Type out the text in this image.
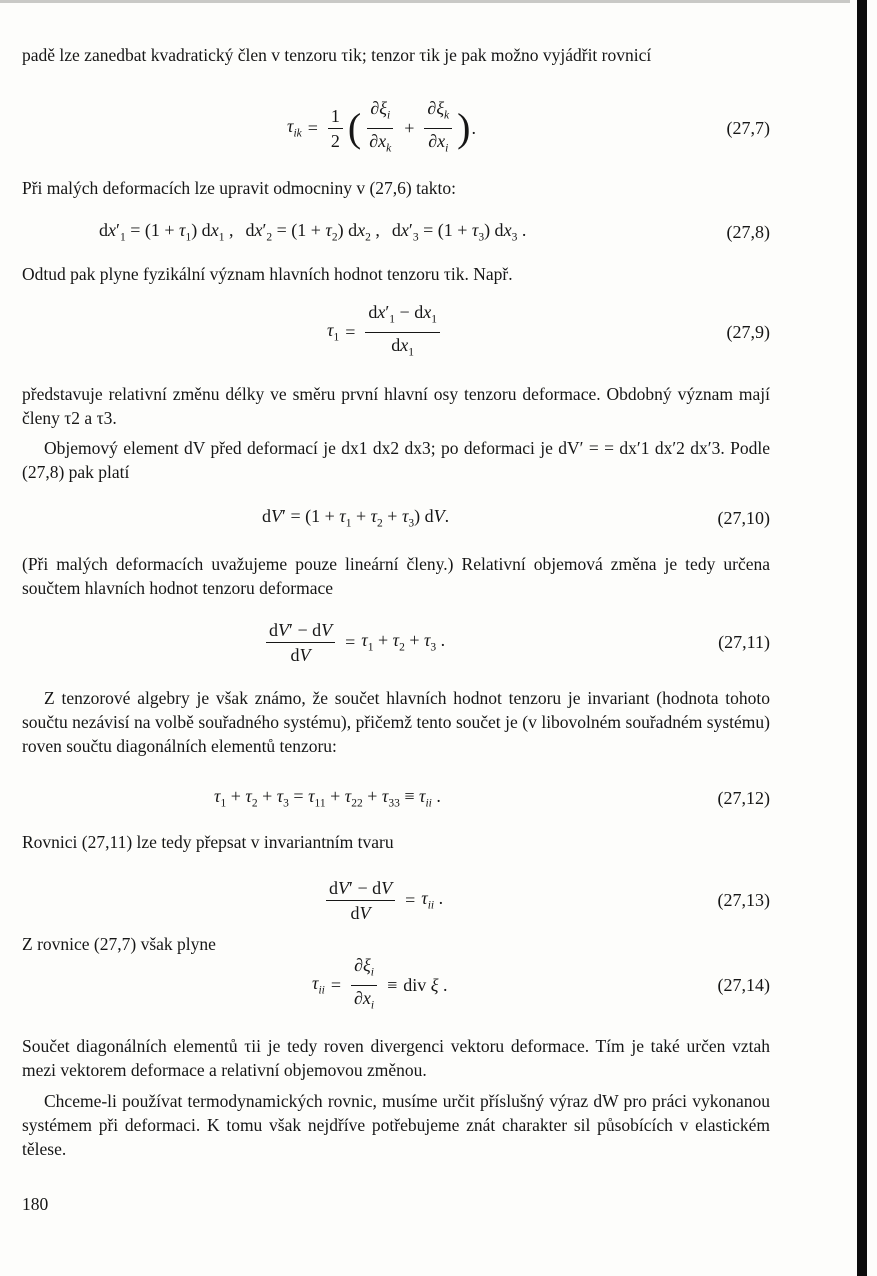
padě lze zanedbat kvadratický člen v tenzoru τik; tenzor τik je pak možno vyjádřit rovnicí
$\tau_{ik} = \frac{1}{2}$ ( $\frac{\partial\xi_i}{\partial x_k} + \frac{\partial\xi_k}{\partial x_i}$ ) .	(27,7)
Při malých deformacích lze upravit odmocniny v (27,6) takto:
$dx'_1 = (1 + \tau_1)$ $dx_1$ , $dx'_2 = (1 + \tau_2)$ $dx_2$ , $dx'_3 = (1 + \tau_3)$ $dx_3$ .	(27,8)
Odtud pak plyne fyzikální význam hlavních hodnot tenzoru τik. Např.
$\tau_1 = \frac{dx'_1 - dx_1}{dx_1}$	(27,9)
představuje relativní změnu délky ve směru první hlavní osy tenzoru deformace. Obdobný význam mají členy τ2 a τ3.
Objemový element dV před deformací je dx1 dx2 dx3; po deformaci je dV′ = = dx′1 dx′2 dx′3. Podle (27,8) pak platí
$dV' = (1 + \tau_1 + \tau_2 + \tau_3)$ dV.	(27,10)
(Při malých deformacích uvažujeme pouze lineární členy.) Relativní objemová změna je tedy určena součtem hlavních hodnot tenzoru deformace
$\frac{dV' - dV}{dV} = \tau_1 + \tau_2 + \tau_3$ .	(27,11)
Z tenzorové algebry je však známo, že součet hlavních hodnot tenzoru je invariant (hodnota tohoto součtu nezávisí na volbě souřadného systému), přičemž tento součet je (v libovolném souřadném systému) roven součtu diagonálních elementů tenzoru:
$\tau_1 + \tau_2 + \tau_3 = \tau_{11} + \tau_{22} + \tau_{33} \equiv \tau_{ii}$ .	(27,12)
Rovnici (27,11) lze tedy přepsat v invariantním tvaru
$\frac{dV' - dV}{dV} = \tau_{ii}$ .	(27,13)
Z rovnice (27,7) však plyne
$\tau_{ii} = \frac{\partial\xi_i}{\partial x_i}$ ≡ div ξ .	(27,14)
Součet diagonálních elementů τii je tedy roven divergenci vektoru deformace. Tím je také určen vztah mezi vektorem deformace a relativní objemovou změnou.
Chceme-li používat termodynamických rovnic, musíme určit příslušný výraz dW pro práci vykonanou systémem při deformaci. K tomu však nejdříve potřebujeme znát charakter sil působících v elastickém tělese.
180
